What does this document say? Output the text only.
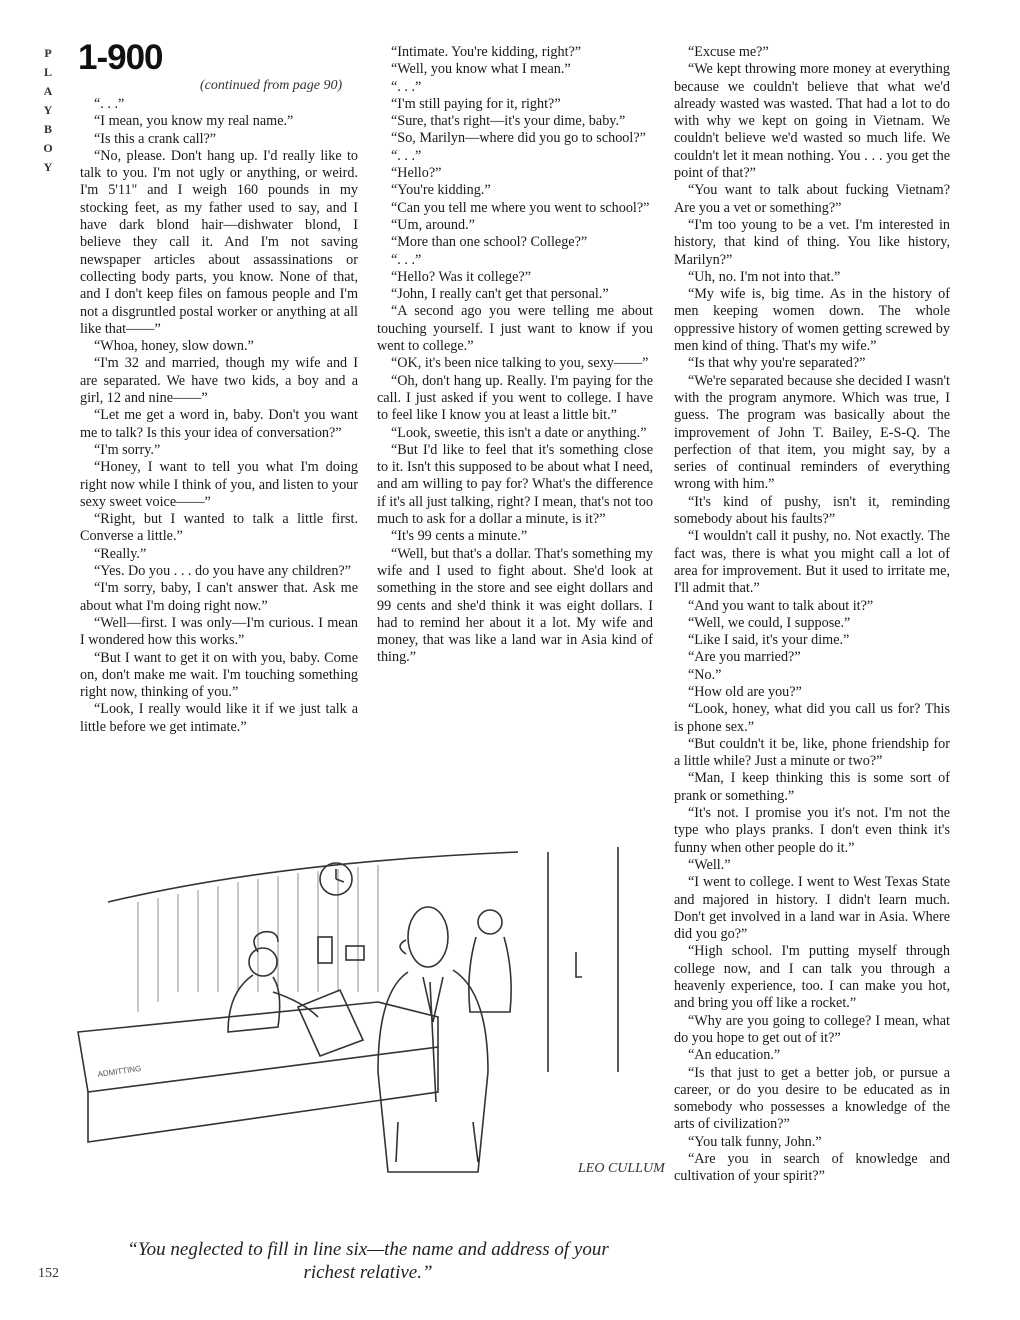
P
L
A
Y
B
O
Y
1-900
(continued from page 90)

“. . .”

“I mean, you know my real name.”

“Is this a crank call?”

“No, please. Don't hang up. I'd really like to talk to you. I'm not ugly or anything, or weird. I'm 5'11" and I weigh 160 pounds in my stocking feet, as my father used to say, and I have dark blond hair—dishwater blond, I believe they call it. And I'm not saving newspaper articles about assassinations or collecting body parts, you know. None of that, and I don't keep files on famous people and I'm not a disgruntled postal worker or anything at all like that——”

“Whoa, honey, slow down.”

“I'm 32 and married, though my wife and I are separated. We have two kids, a boy and a girl, 12 and nine——”

“Let me get a word in, baby. Don't you want me to talk? Is this your idea of conversation?”

“I'm sorry.”

“Honey, I want to tell you what I'm doing right now while I think of you, and listen to your sexy sweet voice——”

“Right, but I wanted to talk a little first. Converse a little.”

“Really.”

“Yes. Do you . . . do you have any children?”

“I'm sorry, baby, I can't answer that. Ask me about what I'm doing right now.”

“Well—first. I was only—I'm curious. I mean I wondered how this works.”

“But I want to get it on with you, baby. Come on, don't make me wait. I'm touching something right now, thinking of you.”

“Look, I really would like it if we just talk a little before we get intimate.”

“Intimate. You're kidding, right?”

“Well, you know what I mean.”

“. . .”

“I'm still paying for it, right?”

“Sure, that's right—it's your dime, baby.”

“So, Marilyn—where did you go to school?”

“. . .”

“Hello?”

“You're kidding.”

“Can you tell me where you went to school?”

“Um, around.”

“More than one school? College?”

“. . .”

“Hello? Was it college?”

“John, I really can't get that personal.”

“A second ago you were telling me about touching yourself. I just want to know if you went to college.”

“OK, it's been nice talking to you, sexy——”

“Oh, don't hang up. Really. I'm paying for the call. I just asked if you went to college. I have to feel like I know you at least a little bit.”

“Look, sweetie, this isn't a date or anything.”

“But I'd like to feel that it's something close to it. Isn't this supposed to be about what I need, and am willing to pay for? What's the difference if it's all just talking, right? I mean, that's not too much to ask for a dollar a minute, is it?”

“It's 99 cents a minute.”

“Well, but that's a dollar. That's something my wife and I used to fight about. She'd look at something in the store and see eight dollars and 99 cents and she'd think it was eight dollars. I had to remind her about it a lot. My wife and money, that was like a land war in Asia kind of thing.”

“Excuse me?”

“We kept throwing more money at everything because we couldn't believe that what we'd already wasted was wasted. That had a lot to do with why we kept on going in Vietnam. We couldn't believe we'd wasted so much life. We couldn't let it mean nothing. You . . . you get the point of that?”

“You want to talk about fucking Vietnam? Are you a vet or something?”

“I'm too young to be a vet. I'm interested in history, that kind of thing. You like history, Marilyn?”

“Uh, no. I'm not into that.”

“My wife is, big time. As in the history of men keeping women down. The whole oppressive history of women getting screwed by men kind of thing. That's my wife.”

“Is that why you're separated?”

“We're separated because she decided I wasn't with the program anymore. Which was true, I guess. The program was basically about the improvement of John T. Bailey, E-S-Q. The perfection of that item, you might say, by a series of continual reminders of everything wrong with him.”

“It's kind of pushy, isn't it, reminding somebody about his faults?”

“I wouldn't call it pushy, no. Not exactly. The fact was, there is what you might call a lot of area for improvement. But it used to irritate me, I'll admit that.”

“And you want to talk about it?”

“Well, we could, I suppose.”

“Like I said, it's your dime.”

“Are you married?”

“No.”

“How old are you?”

“Look, honey, what did you call us for? This is phone sex.”

“But couldn't it be, like, phone friendship for a little while? Just a minute or two?”

“Man, I keep thinking this is some sort of prank or something.”

“It's not. I promise you it's not. I'm not the type who plays pranks. I don't even think it's funny when other people do it.”

“Well.”

“I went to college. I went to West Texas State and majored in history. I didn't learn much. Don't get involved in a land war in Asia. Where did you go?”

“High school. I'm putting myself through college now, and I can talk you through a heavenly experience, too. I can make you hot, and bring you off like a rocket.”

“Why are you going to college? I mean, what do you hope to get out of it?”

“An education.”

“Is that just to get a better job, or pursue a career, or do you desire to be educated as in somebody who possesses a knowledge of the arts of civilization?”

“You talk funny, John.”

“Are you in search of knowledge and cultivation of your spirit?”

ADMITTING
LEO CULLUM
“You neglected to fill in line six—the name and address of your richest relative.”
152
